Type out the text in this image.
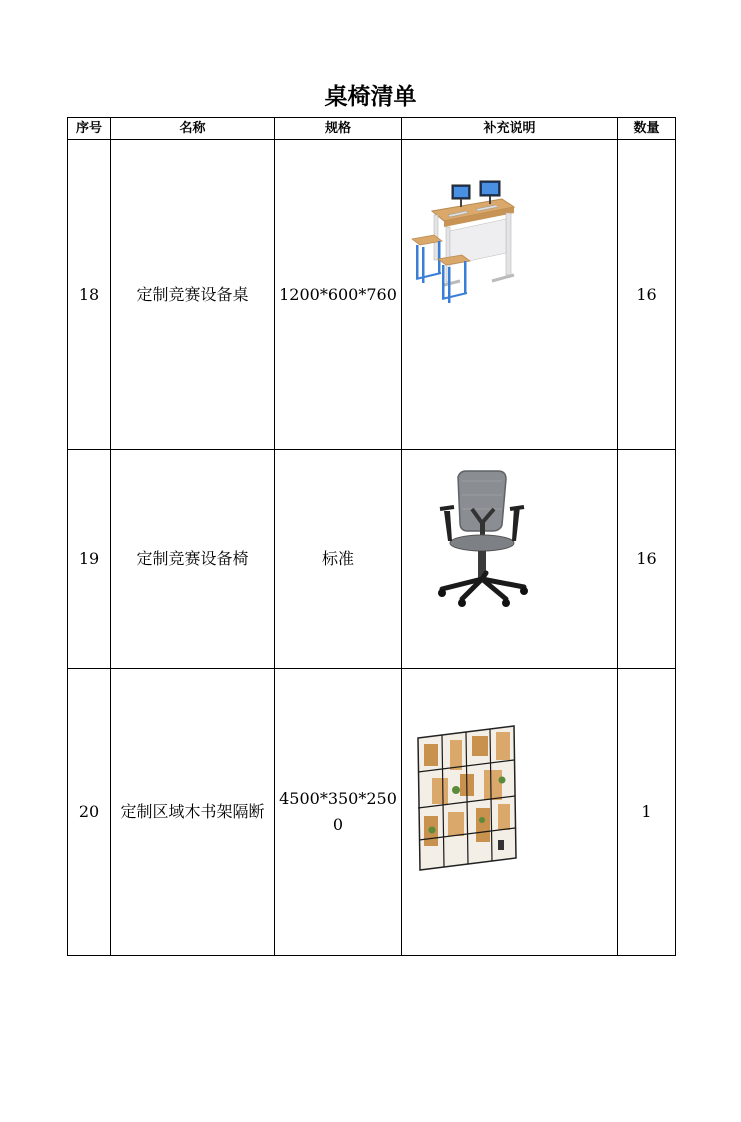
桌椅清单
序号	名称	规格	补充说明	数量
18	定制竞赛设备桌	1200*600*760		16
19	定制竞赛设备椅	标准		16
20	定制区域木书架隔断	4500*350*2500		1
